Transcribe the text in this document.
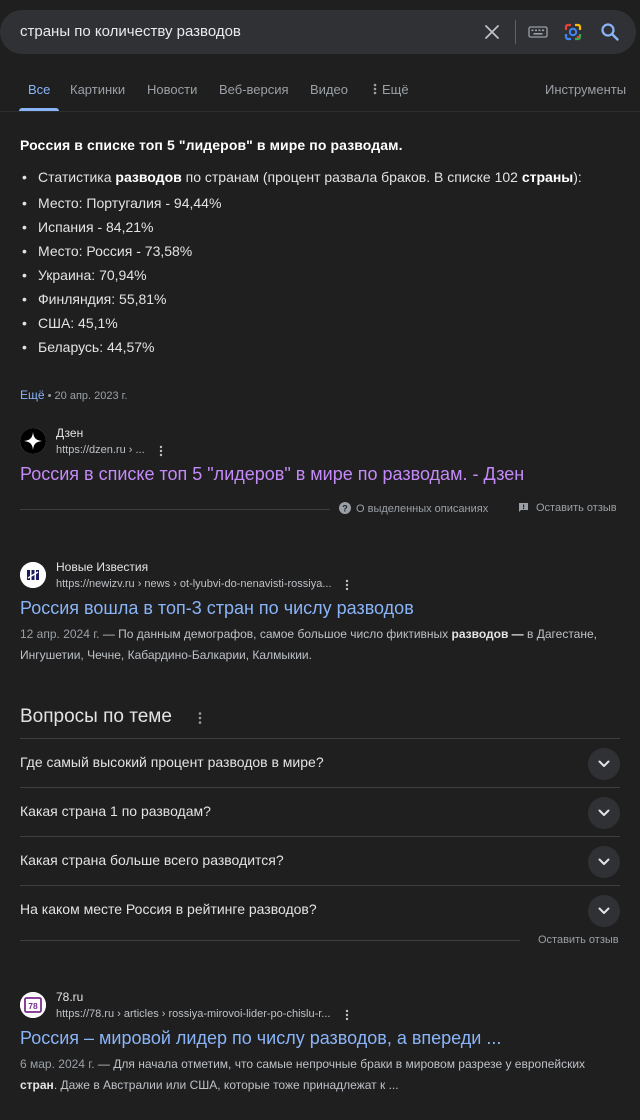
страны по количеству разводов
Все Картинки Новости Веб-версия Видео	Ещё	Инструменты
Россия в списке топ 5 "лидеров" в мире по разводам.
• Статистика разводов по странам (процент развала браков. В списке 102 страны):
• Место: Португалия - 94,44%
• Испания - 84,21%
• Место: Россия - 73,58%
• Украина: 70,94%
• Финляндия: 55,81%
• США: 45,1%
• Беларусь: 44,57%
Ещё • 20 апр. 2023 г.
Дзен
https://dzen.ru › ...
Россия в списке топ 5 "лидеров" в мире по разводам. - Дзен
? О выделенных описаниях	Оставить отзыв
Новые Известия
https://newizv.ru › news › ot-lyubvi-do-nenavisti-rossiya...
Россия вошла в топ-3 стран по числу разводов
12 апр. 2024 г. — По данным демографов, самое большое число фиктивных разводов — в Дагестане, Ингушетии, Чечне, Кабардино-Балкарии, Калмыкии.
Вопросы по теме
Где самый высокий процент разводов в мире?
Какая страна 1 по разводам?
Какая страна больше всего разводится?
На каком месте Россия в рейтинге разводов?
Оставить отзыв
78
78.ru
https://78.ru › articles › rossiya-mirovoi-lider-po-chislu-r...
Россия – мировой лидер по числу разводов, а впереди ...
6 мар. 2024 г. — Для начала отметим, что самые непрочные браки в мировом разрезе у европейских стран. Даже в Австралии или США, которые тоже принадлежат к ...
